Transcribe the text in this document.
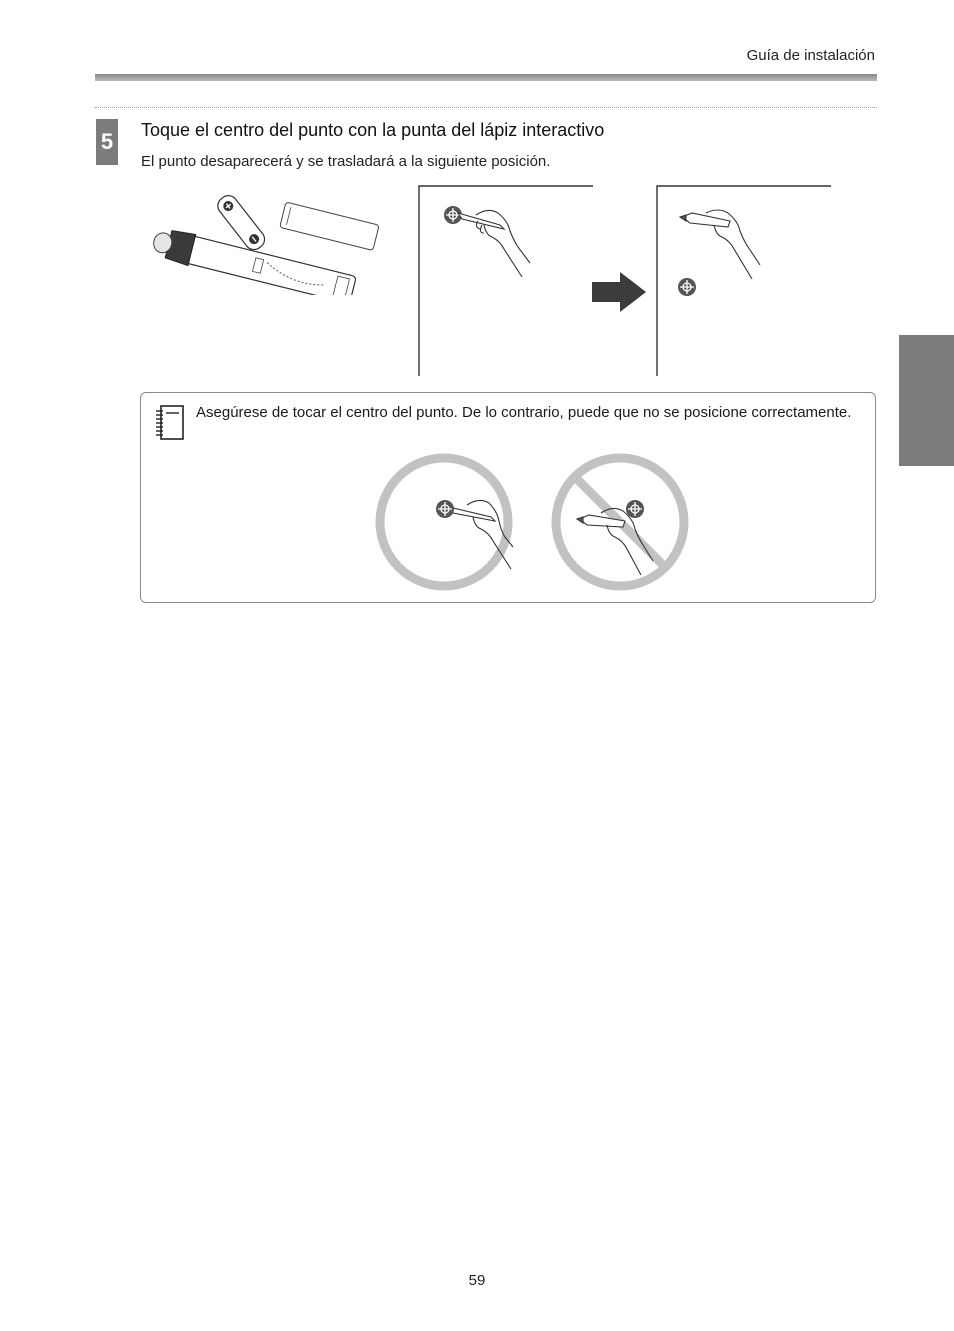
Guía de instalación
5 Toque el centro del punto con la punta del lápiz interactivo
El punto desaparecerá y se trasladará a la siguiente posición.
Asegúrese de tocar el centro del punto. De lo contrario, puede que no se posicione correctamente.
59
